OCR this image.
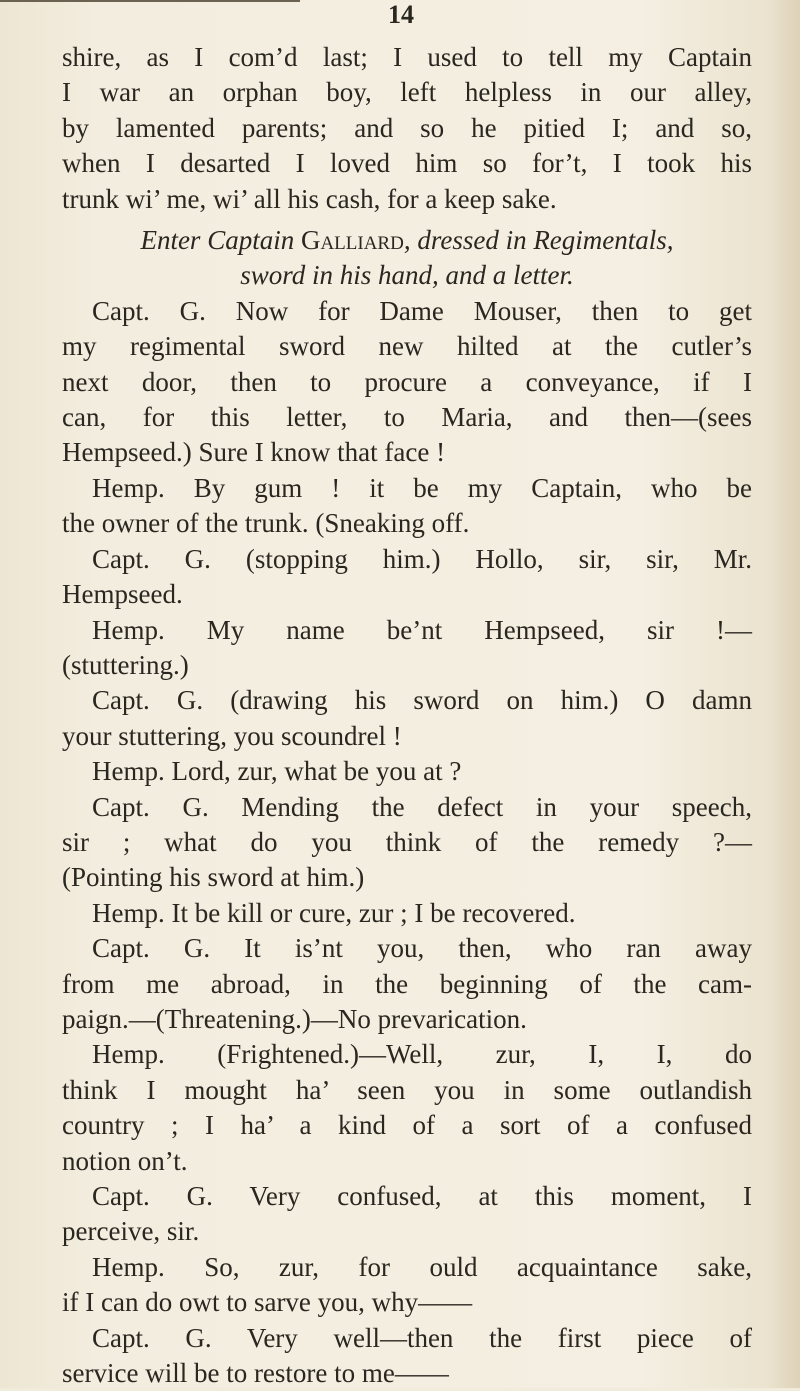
14
shire, as I com’d last; I used to tell my Captain
I war an orphan boy, left helpless in our alley,
by lamented parents; and so he pitied I; and so,
when I desarted I loved him so for’t, I took his
trunk wi’ me, wi’ all his cash, for a keep sake.
Enter Captain Galliard, dressed in Regimentals,
sword in his hand, and a letter.
Capt. G. Now for Dame Mouser, then to get
my regimental sword new hilted at the cutler’s
next door, then to procure a conveyance, if I
can, for this letter, to Maria, and then—(sees
Hempseed.) Sure I know that face !
Hemp. By gum ! it be my Captain, who be
the owner of the trunk. (Sneaking off.
Capt. G. (stopping him.) Hollo, sir, sir, Mr.
Hempseed.
Hemp. My name be’nt Hempseed, sir !—
(stuttering.)
Capt. G. (drawing his sword on him.) O damn
your stuttering, you scoundrel !
Hemp. Lord, zur, what be you at ?
Capt. G. Mending the defect in your speech,
sir ; what do you think of the remedy ?—
(Pointing his sword at him.)
Hemp. It be kill or cure, zur ; I be recovered.
Capt. G. It is’nt you, then, who ran away
from me abroad, in the beginning of the cam-
paign.—(Threatening.)—No prevarication.
Hemp. (Frightened.)—Well, zur, I, I, do
think I mought ha’ seen you in some outlandish
country ; I ha’ a kind of a sort of a confused
notion on’t.
Capt. G. Very confused, at this moment, I
perceive, sir.
Hemp. So, zur, for ould acquaintance sake,
if I can do owt to sarve you, why——
Capt. G. Very well—then the first piece of
service will be to restore to me——
